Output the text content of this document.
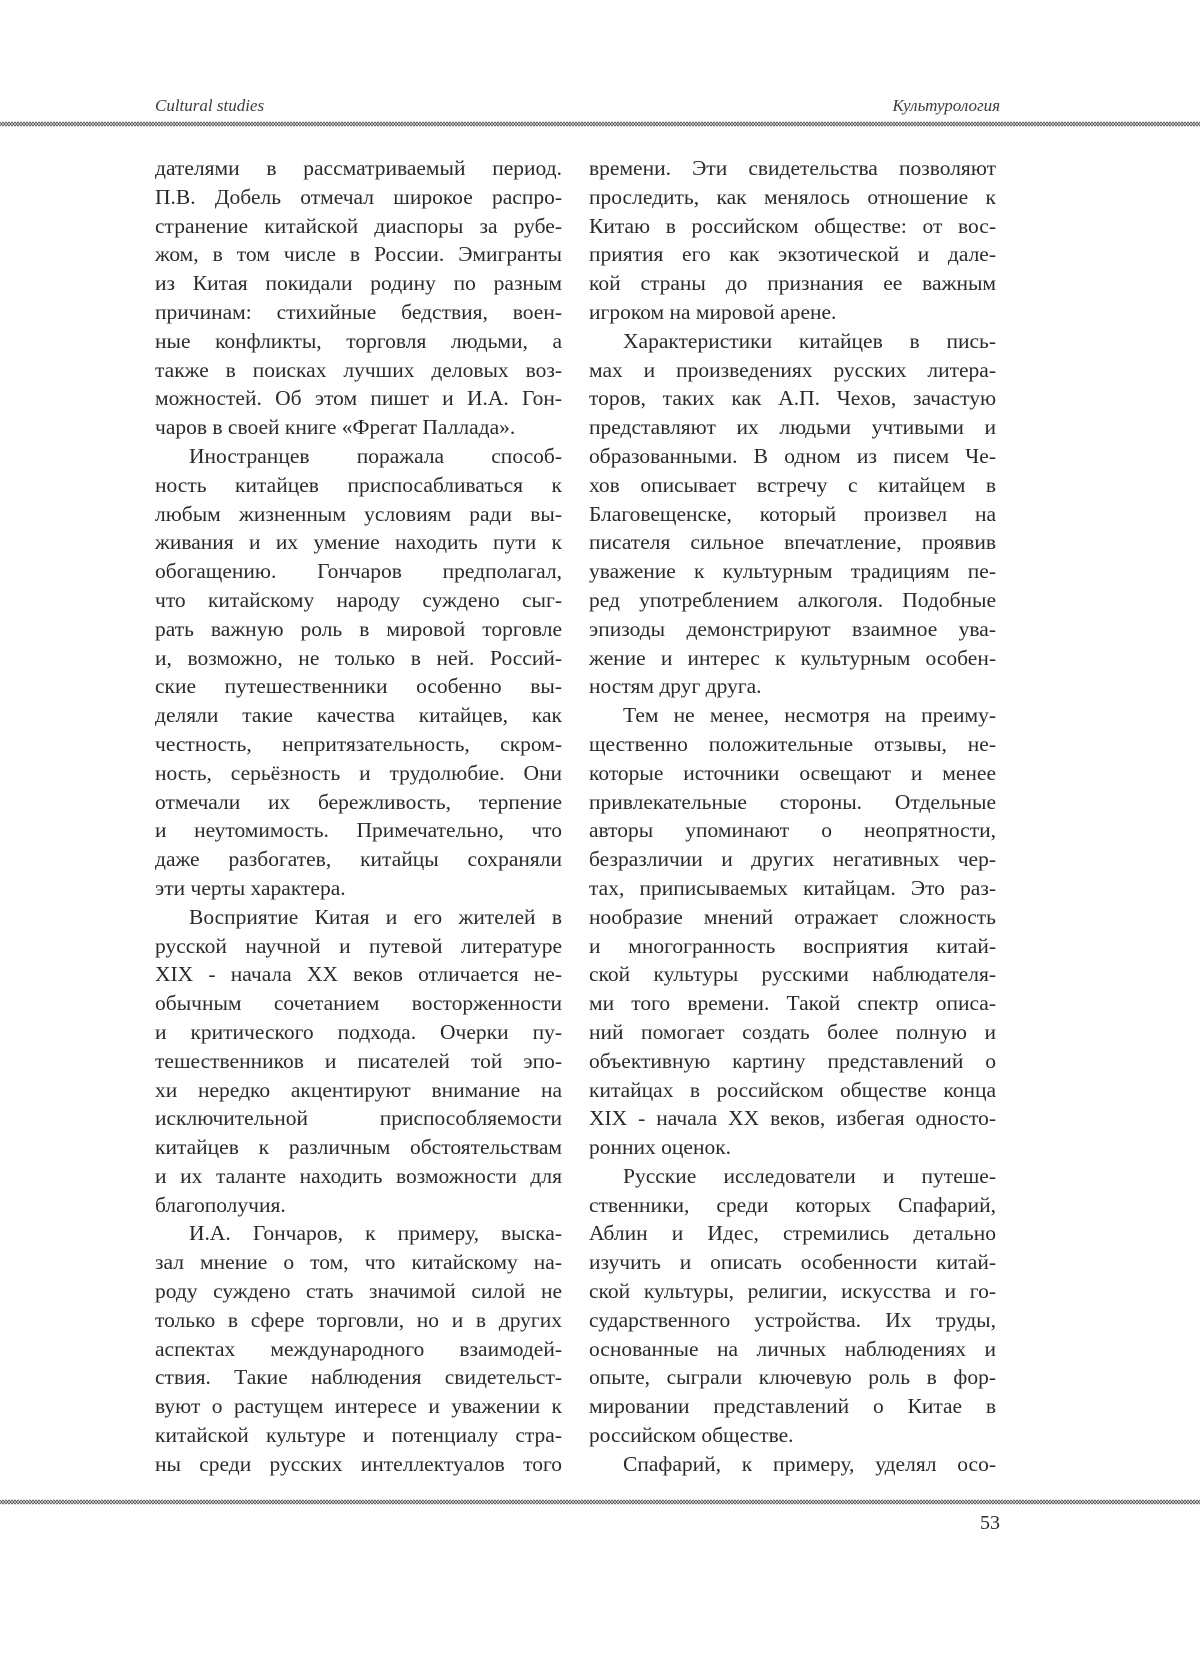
Cultural studies	Культурология
дателями в рассматриваемый период.
П.В. Добель отмечал широкое распро-
странение китайской диаспоры за рубе-
жом, в том числе в России. Эмигранты
из Китая покидали родину по разным
причинам: стихийные бедствия, воен-
ные конфликты, торговля людьми, а
также в поисках лучших деловых воз-
можностей. Об этом пишет и И.А. Гон-
чаров в своей книге «Фрегат Паллада».
Иностранцев поражала способ-
ность китайцев приспосабливаться к
любым жизненным условиям ради вы-
живания и их умение находить пути к
обогащению. Гончаров предполагал,
что китайскому народу суждено сыг-
рать важную роль в мировой торговле
и, возможно, не только в ней. Россий-
ские путешественники особенно вы-
деляли такие качества китайцев, как
честность, непритязательность, скром-
ность, серьёзность и трудолюбие. Они
отмечали их бережливость, терпение
и неутомимость. Примечательно, что
даже разбогатев, китайцы сохраняли
эти черты характера.
Восприятие Китая и его жителей в
русской научной и путевой литературе
XIX - начала XX веков отличается не-
обычным сочетанием восторженности
и критического подхода. Очерки пу-
тешественников и писателей той эпо-
хи нередко акцентируют внимание на
исключительной приспособляемости
китайцев к различным обстоятельствам
и их таланте находить возможности для
благополучия.
И.А. Гончаров, к примеру, выска-
зал мнение о том, что китайскому на-
роду суждено стать значимой силой не
только в сфере торговли, но и в других
аспектах международного взаимодей-
ствия. Такие наблюдения свидетельст-
вуют о растущем интересе и уважении к
китайской культуре и потенциалу стра-
ны среди русских интеллектуалов того
времени. Эти свидетельства позволяют
проследить, как менялось отношение к
Китаю в российском обществе: от вос-
приятия его как экзотической и дале-
кой страны до признания ее важным
игроком на мировой арене.
Характеристики китайцев в пись-
мах и произведениях русских литера-
торов, таких как А.П. Чехов, зачастую
представляют их людьми учтивыми и
образованными. В одном из писем Че-
хов описывает встречу с китайцем в
Благовещенске, который произвел на
писателя сильное впечатление, проявив
уважение к культурным традициям пе-
ред употреблением алкоголя. Подобные
эпизоды демонстрируют взаимное ува-
жение и интерес к культурным особен-
ностям друг друга.
Тем не менее, несмотря на преиму-
щественно положительные отзывы, не-
которые источники освещают и менее
привлекательные стороны. Отдельные
авторы упоминают о неопрятности,
безразличии и других негативных чер-
тах, приписываемых китайцам. Это раз-
нообразие мнений отражает сложность
и многогранность восприятия китай-
ской культуры русскими наблюдателя-
ми того времени. Такой спектр описа-
ний помогает создать более полную и
объективную картину представлений о
китайцах в российском обществе конца
XIX - начала XX веков, избегая односто-
ронних оценок.
Русские исследователи и путеше-
ственники, среди которых Спафарий,
Аблин и Идес, стремились детально
изучить и описать особенности китай-
ской культуры, религии, искусства и го-
сударственного устройства. Их труды,
основанные на личных наблюдениях и
опыте, сыграли ключевую роль в фор-
мировании представлений о Китае в
российском обществе.
Спафарий, к примеру, уделял осо-
53
